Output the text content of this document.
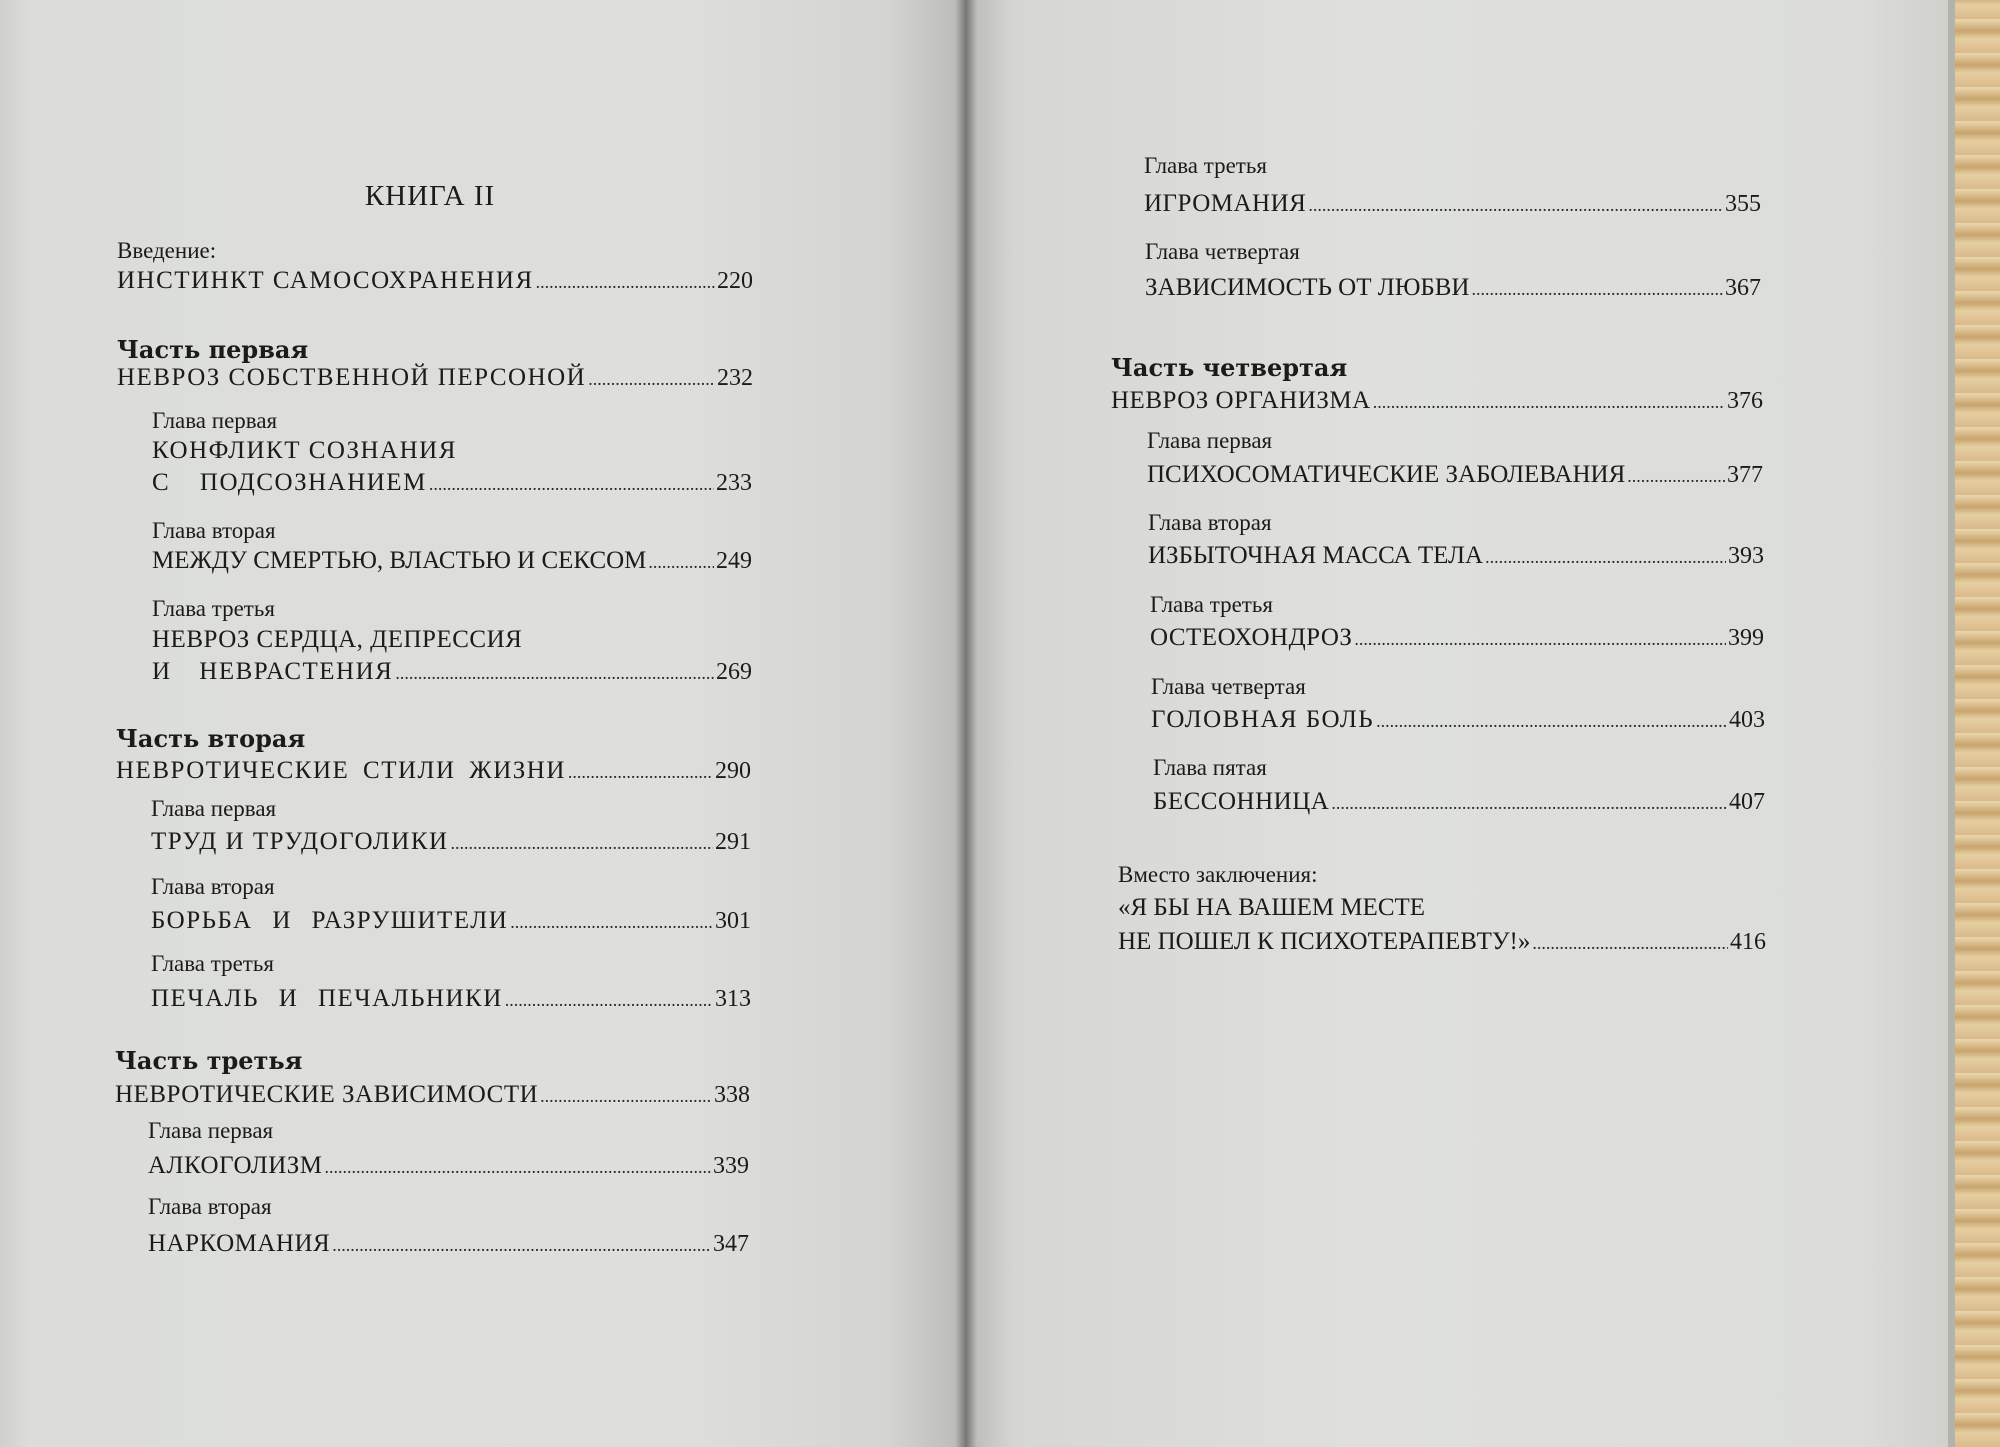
КНИГА II
Введение:
ИНСТИНКТ САМОСОХРАНЕНИЯ .....	220
Часть первая
НЕВРОЗ СОБСТВЕННОЙ ПЕРСОНОЙ .....	232
Глава первая
КОНФЛИКТ СОЗНАНИЯ
С ПОДСОЗНАНИЕМ .....	233
Глава вторая
МЕЖДУ СМЕРТЬЮ, ВЛАСТЬЮ И СЕКСОМ .....	249
Глава третья
НЕВРОЗ СЕРДЦА, ДЕПРЕССИЯ
И НЕВРАСТЕНИЯ .....	269
Часть вторая
НЕВРОТИЧЕСКИЕ СТИЛИ ЖИЗНИ .....	290
Глава первая
ТРУД И ТРУДОГОЛИКИ .....	291
Глава вторая
БОРЬБА И РАЗРУШИТЕЛИ .....	301
Глава третья
ПЕЧАЛЬ И ПЕЧАЛЬНИКИ .....	313
Часть третья
НЕВРОТИЧЕСКИЕ ЗАВИСИМОСТИ .....	338
Глава первая
АЛКОГОЛИЗМ .....	339
Глава вторая
НАРКОМАНИЯ .....	347
Глава третья
ИГРОМАНИЯ .....	355
Глава четвертая
ЗАВИСИМОСТЬ ОТ ЛЮБВИ .....	367
Часть четвертая
НЕВРОЗ ОРГАНИЗМА .....	376
Глава первая
ПСИХОСОМАТИЧЕСКИЕ ЗАБОЛЕВАНИЯ .....	377
Глава вторая
ИЗБЫТОЧНАЯ МАССА ТЕЛА .....	393
Глава третья
ОСТЕОХОНДРОЗ .....	399
Глава четвертая
ГОЛОВНАЯ БОЛЬ .....	403
Глава пятая
БЕССОННИЦА .....	407
Вместо заключения:
«Я БЫ НА ВАШЕМ МЕСТЕ
НЕ ПОШЕЛ К ПСИХОТЕРАПЕВТУ!» .....	416
